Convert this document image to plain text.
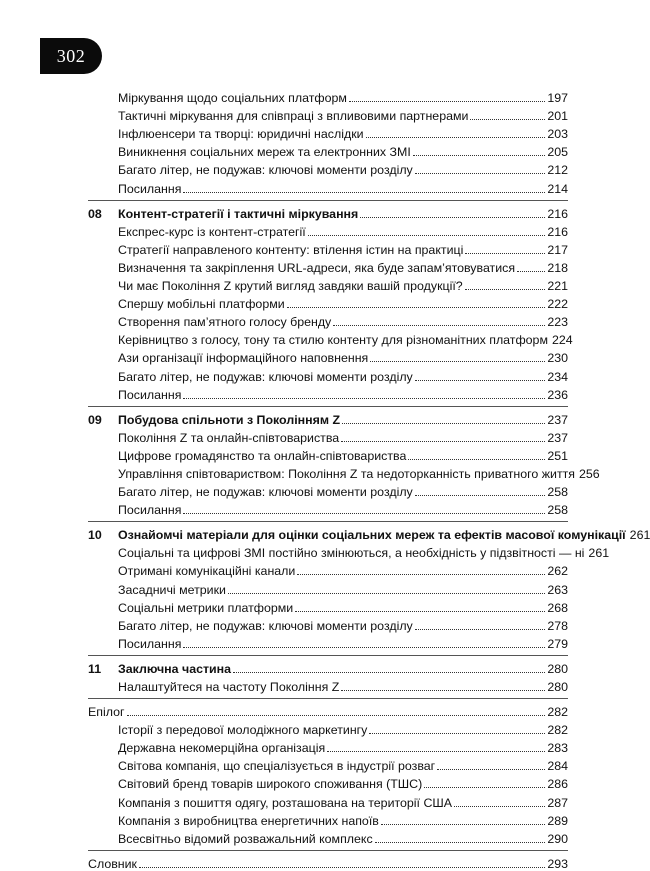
302
Міркування щодо соціальних платформ	197
Тактичні міркування для співпраці з впливовими партнерами	201
Інфлюенсери та творці: юридичні наслідки	203
Виникнення соціальних мереж та електронних ЗМІ	205
Багато літер, не подужав: ключові моменти розділу	212
Посилання	214
08	Контент-стратегії і тактичні міркування	216
Експрес-курс із контент-стратегії	216
Стратегії направленого контенту: втілення істин на практиці	217
Визначення та закріплення URL-адреси, яка буде запам’ятовуватися	218
Чи має Покоління Z крутий вигляд завдяки вашій продукції?	221
Спершу мобільні платформи	222
Створення пам’ятного голосу бренду	223
Керівництво з голосу, тону та стилю контенту для різноманітних платформ 224
Ази організації інформаційного наповнення	230
Багато літер, не подужав: ключові моменти розділу	234
Посилання	236
09	Побудова спільноти з Поколінням Z	237
Покоління Z та онлайн-співтовариства	237
Цифрове громадянство та онлайн-співтовариства	251
Управління співтовариством: Покоління Z та недоторканність приватного життя 256
Багато літер, не подужав: ключові моменти розділу	258
Посилання	258
10	Ознайомчі матеріали для оцінки соціальних мереж та ефектів масової комунікації 261
Соціальні та цифрові ЗМІ постійно змінюються, а необхідність у підзвітності — ні 261
Отримані комунікаційні канали	262
Засадничі метрики	263
Соціальні метрики платформи	268
Багато літер, не подужав: ключові моменти розділу	278
Посилання	279
11	Заключна частина	280
Налаштуйтеся на частоту Покоління Z	280
Епілог	282
Історії з передової молодіжного маркетингу	282
Державна некомерційна організація	283
Світова компанія, що спеціалізується в індустрії розваг	284
Світовий бренд товарів широкого споживання (ТШС)	286
Компанія з пошиття одягу, розташована на території США	287
Компанія з виробництва енергетичних напоїв	289
Всесвітньо відомий розважальний комплекс	290
Словник	293
